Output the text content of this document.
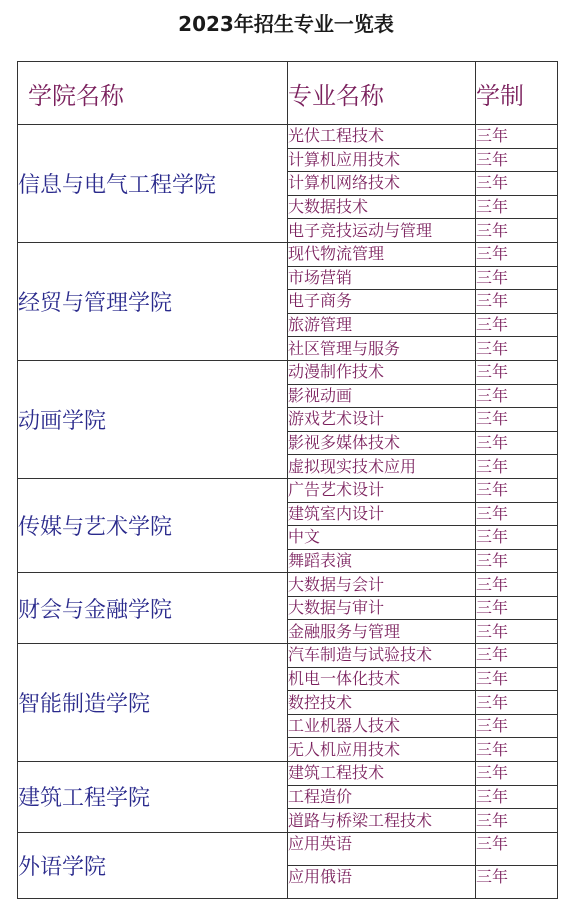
2023年招生专业一览表
学院名称	专业名称	学制
信息与电气工程学院	光伏工程技术	三年
	计算机应用技术	三年
	计算机网络技术	三年
	大数据技术	三年
	电子竞技运动与管理	三年
经贸与管理学院	现代物流管理	三年
	市场营销	三年
	电子商务	三年
	旅游管理	三年
	社区管理与服务	三年
动画学院	动漫制作技术	三年
	影视动画	三年
	游戏艺术设计	三年
	影视多媒体技术	三年
	虚拟现实技术应用	三年
传媒与艺术学院	广告艺术设计	三年
	建筑室内设计	三年
	中文	三年
	舞蹈表演	三年
财会与金融学院	大数据与会计	三年
	大数据与审计	三年
	金融服务与管理	三年
智能制造学院	汽车制造与试验技术	三年
	机电一体化技术	三年
	数控技术	三年
	工业机器人技术	三年
	无人机应用技术	三年
建筑工程学院	建筑工程技术	三年
	工程造价	三年
	道路与桥梁工程技术	三年
外语学院	应用英语	三年
	应用俄语	三年
